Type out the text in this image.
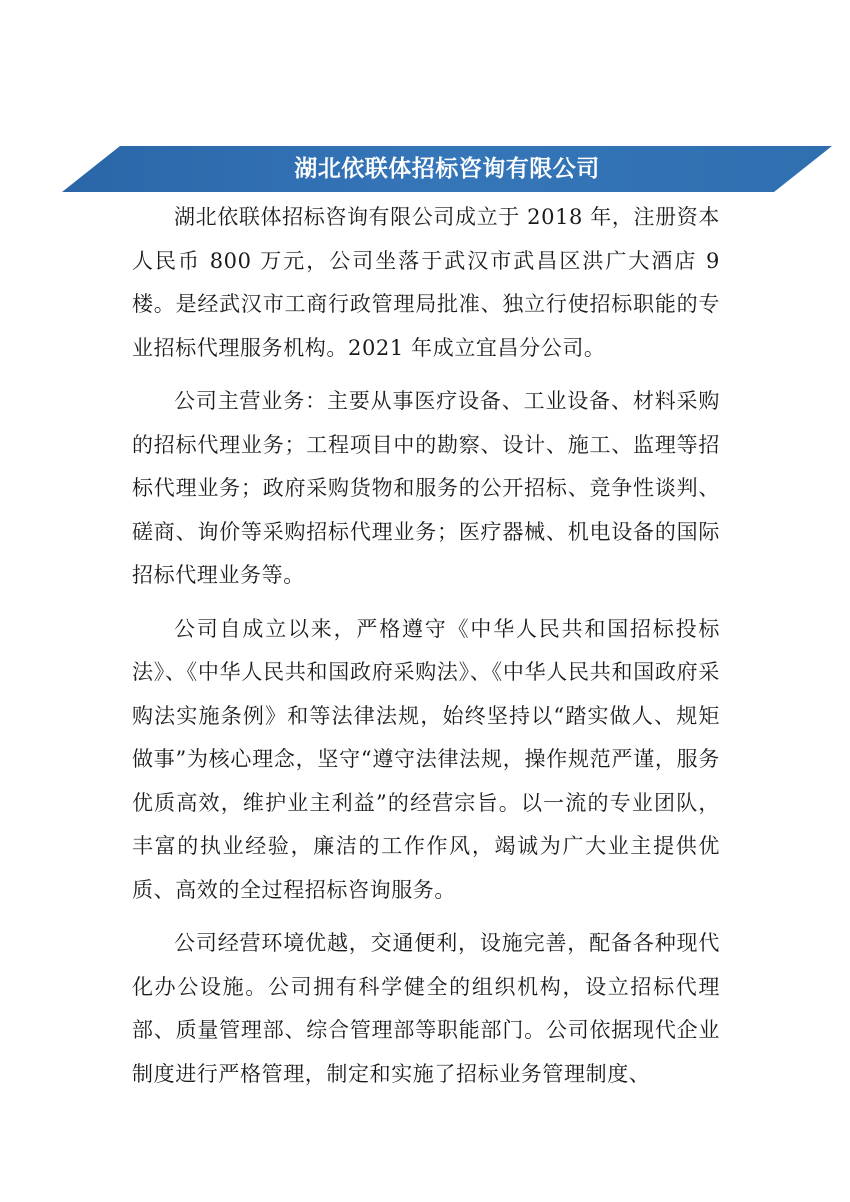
湖北依联体招标咨询有限公司

湖北依联体招标咨询有限公司成立于 2018 年，注册资本人民币 800 万元，公司坐落于武汉市武昌区洪广大酒店 9 楼。是经武汉市工商行政管理局批准、独立行使招标职能的专业招标代理服务机构。2021 年成立宜昌分公司。

公司主营业务：主要从事医疗设备、工业设备、材料采购的招标代理业务；工程项目中的勘察、设计、施工、监理等招标代理业务；政府采购货物和服务的公开招标、竞争性谈判、磋商、询价等采购招标代理业务；医疗器械、机电设备的国际招标代理业务等。

公司自成立以来，严格遵守《中华人民共和国招标投标法》、《中华人民共和国政府采购法》、《中华人民共和国政府采购法实施条例》和等法律法规，始终坚持以“踏实做人、规矩做事”为核心理念，坚守“遵守法律法规，操作规范严谨，服务优质高效，维护业主利益”的经营宗旨。以一流的专业团队，丰富的执业经验，廉洁的工作作风，竭诚为广大业主提供优质、高效的全过程招标咨询服务。

公司经营环境优越，交通便利，设施完善，配备各种现代化办公设施。公司拥有科学健全的组织机构，设立招标代理部、质量管理部、综合管理部等职能部门。公司依据现代企业制度进行严格管理，制定和实施了招标业务管理制度、
